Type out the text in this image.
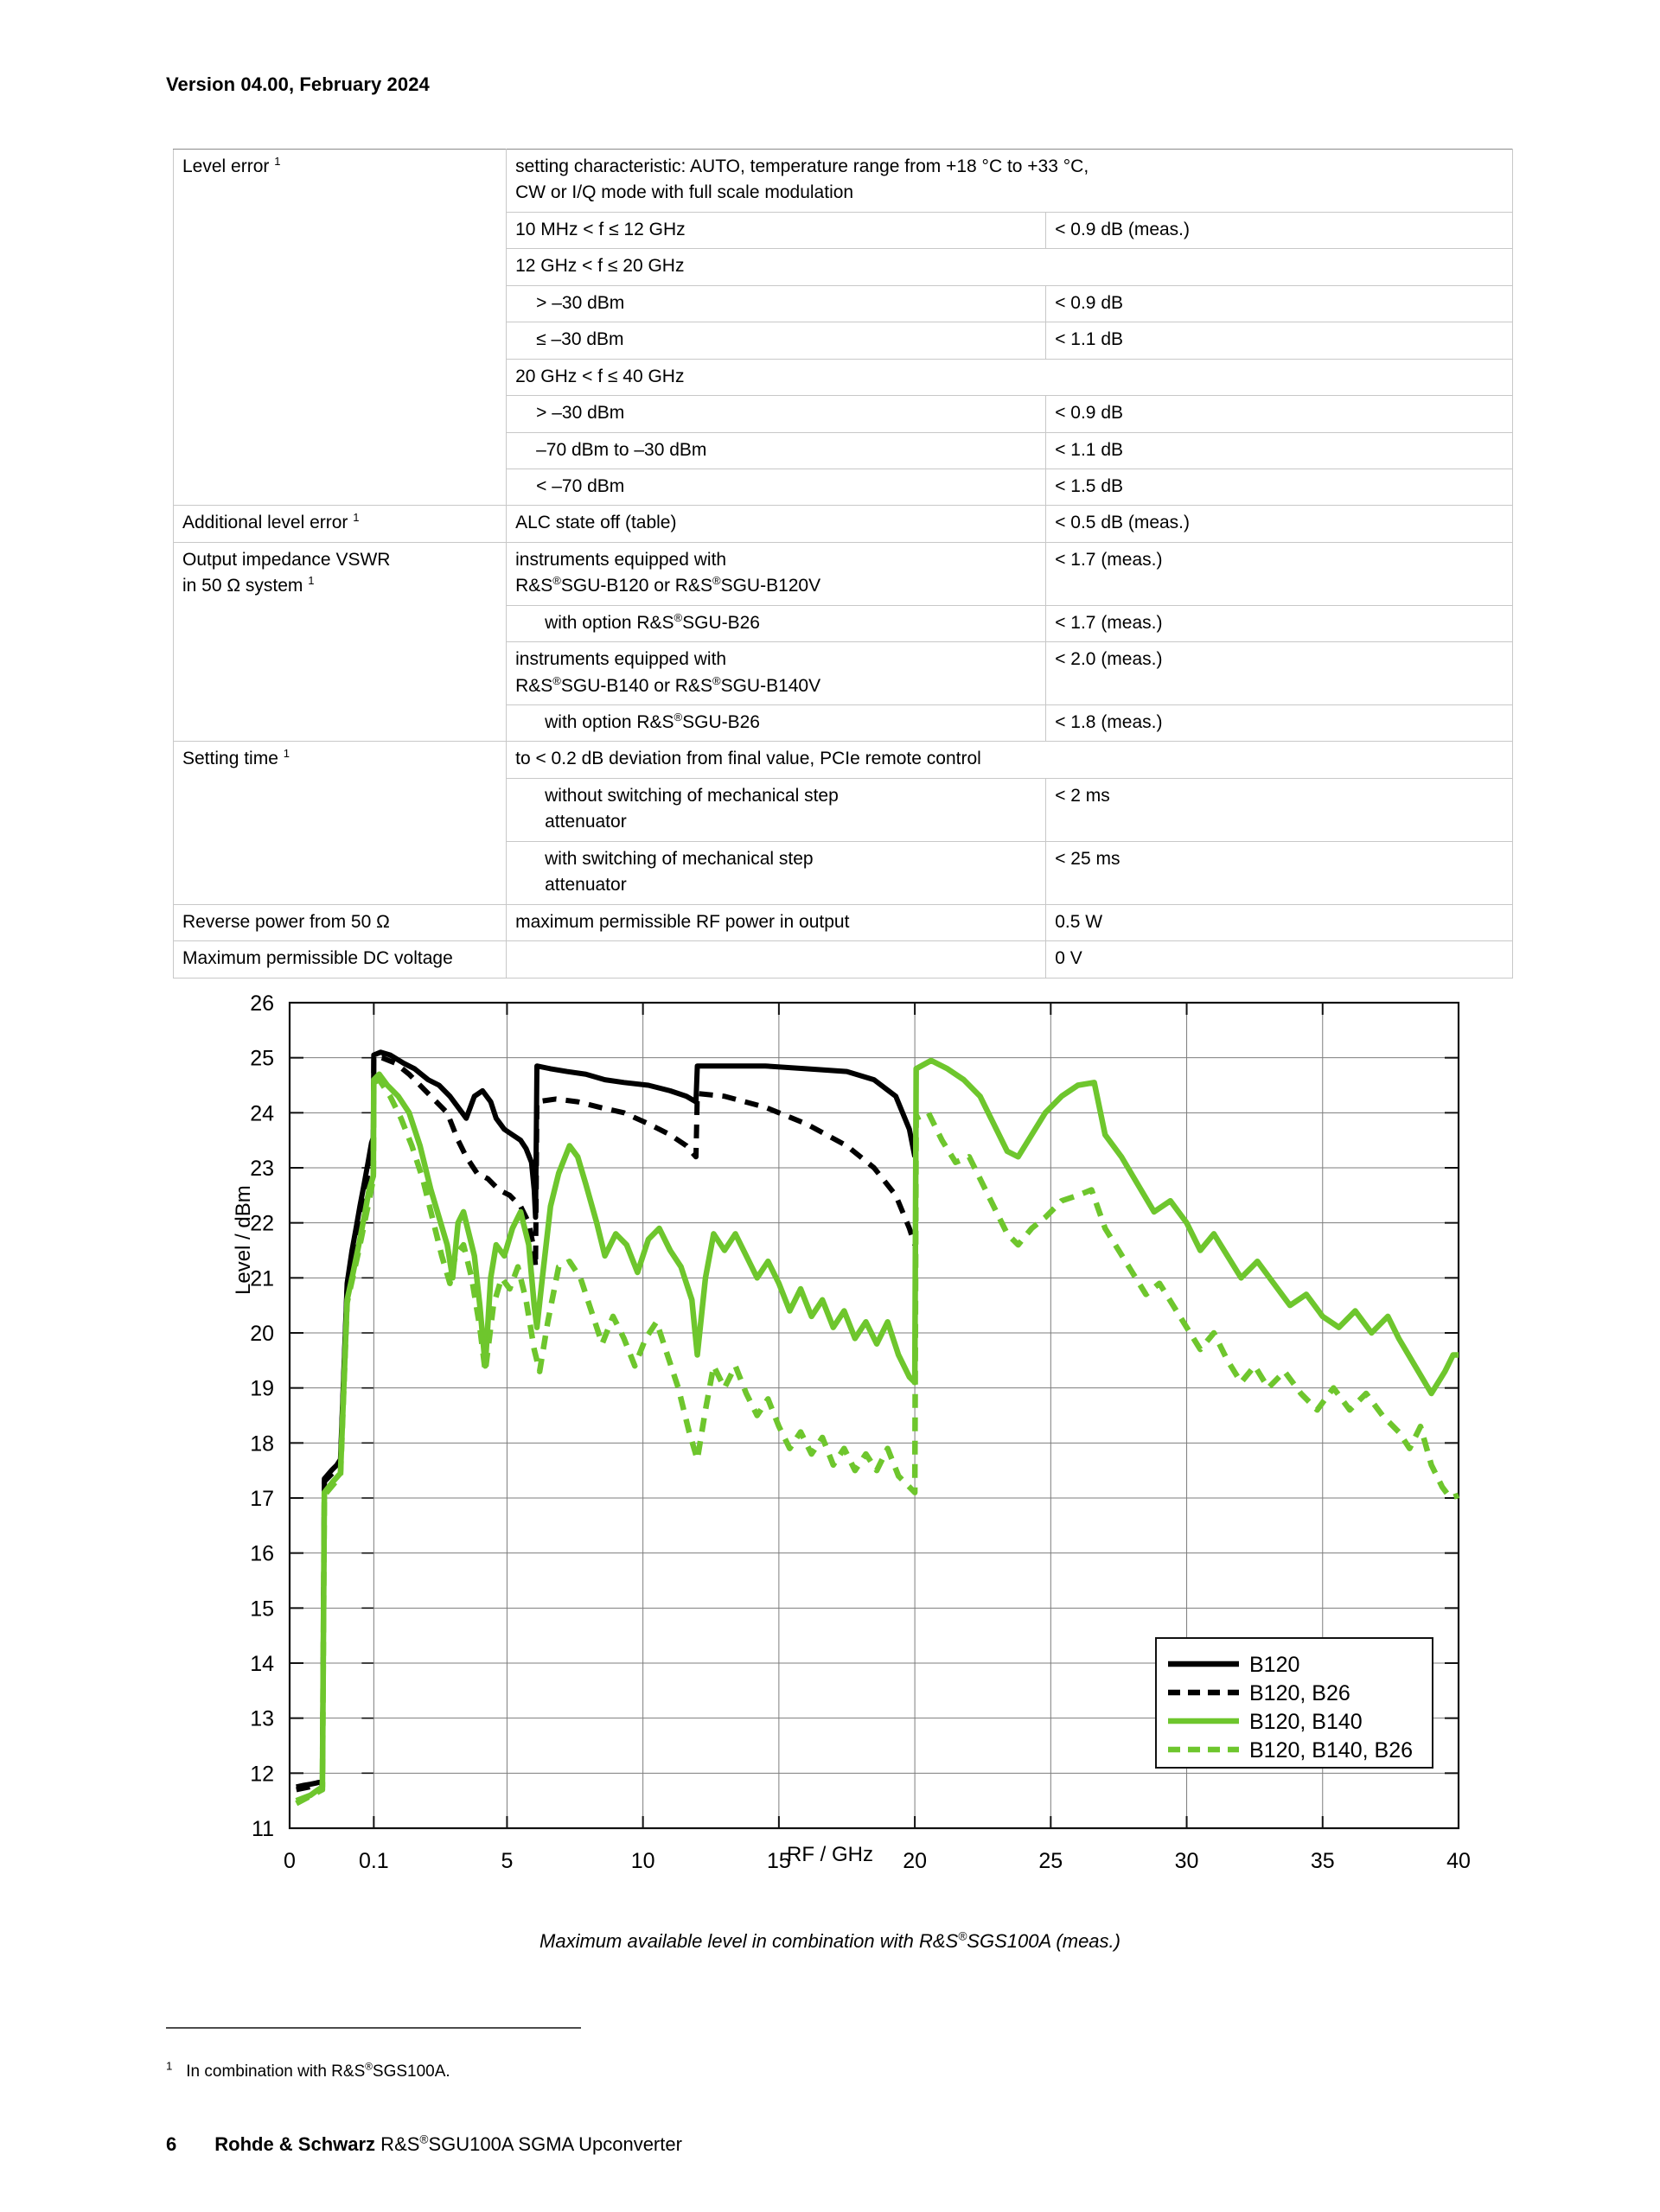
Version 04.00, February 2024
Level error $^1$	setting characteristic: AUTO, temperature range from +18 °C to +33 °C,
CW or I/Q mode with full scale modulation	
	10 MHz < f ≤ 12 GHz	< 0.9 dB (meas.)
	12 GHz < f ≤ 20 GHz	
	> –30 dBm	< 0.9 dB
	≤ –30 dBm	< 1.1 dB
	20 GHz < f ≤ 40 GHz	
	> –30 dBm	< 0.9 dB
	–70 dBm to –30 dBm	< 1.1 dB
	< –70 dBm	< 1.5 dB
Additional level error $^1$	ALC state off (table)	< 0.5 dB (meas.)
Output impedance VSWR
in 50 Ω system $^1$	instruments equipped with
R&S®SGU-B120 or R&S®SGU-B120V	< 1.7 (meas.)
	with option R&S®SGU-B26	< 1.7 (meas.)
	instruments equipped with
R&S®SGU-B140 or R&S®SGU-B140V	< 2.0 (meas.)
	with option R&S®SGU-B26	< 1.8 (meas.)
Setting time $^1$	to < 0.2 dB deviation from final value, PCIe remote control	
	without switching of mechanical step
attenuator	< 2 ms
	with switching of mechanical step
attenuator	< 25 ms
Reverse power from 50 Ω	maximum permissible RF power in output	0.5 W
Maximum permissible DC voltage		0 V
Level / dBm
11
12
13
14
15
16
17
18
19
20
21
22
23
24
25
26
0	0.1	5	10	15	20	25	30	35	40
B120
B120, B26
B120, B140
B120, B140, B26
RF / GHz
Maximum available level in combination with R&S®SGS100A (meas.)
$^1$ In combination with R&S®SGS100A.
6 Rohde & Schwarz R&S®SGU100A SGMA Upconverter
